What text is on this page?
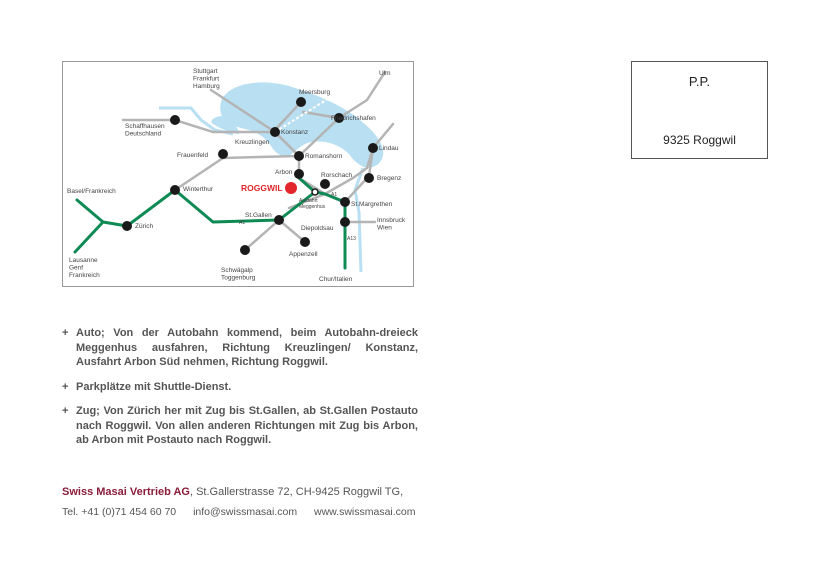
A1
A1
A13
Ulm
Meersburg
Friedrichshafen
Konstanz
Kreuzlingen
Lindau
Frauenfeld	Romanshorn
Arbon	Rorschach	Bregenz
Basel/Frankreich	Winterthur	ROGGWIL
St.Margrethen
Zürich
St.Gallen
Diepoldsau
Appenzell
Chur/Italien
Stuttgart Frankfurt Hamburg
Schaffhausen Deutschland
Ausfahrt Meggenhus
Innsbruck Wien
Lausanne Genf Frankreich
Schwägalp Toggenburg
P.P.
9325 Roggwil
+ Auto; Von der Autobahn kommend, beim Autobahn-dreieck Meggenhus ausfahren, Richtung Kreuzlingen/ Konstanz, Ausfahrt Arbon Süd nehmen, Richtung Roggwil.
+ Parkplätze mit Shuttle-Dienst.
+ Zug; Von Zürich her mit Zug bis St.Gallen, ab St.Gallen Postauto nach Roggwil. Von allen anderen Richtungen mit Zug bis Arbon, ab Arbon mit Postauto nach Roggwil.
Swiss Masai Vertrieb AG, St.Gallerstrasse 72, CH-9425 Roggwil TG,
Tel. +41 (0)71 454 60 70 info@swissmasai.com www.swissmasai.com
